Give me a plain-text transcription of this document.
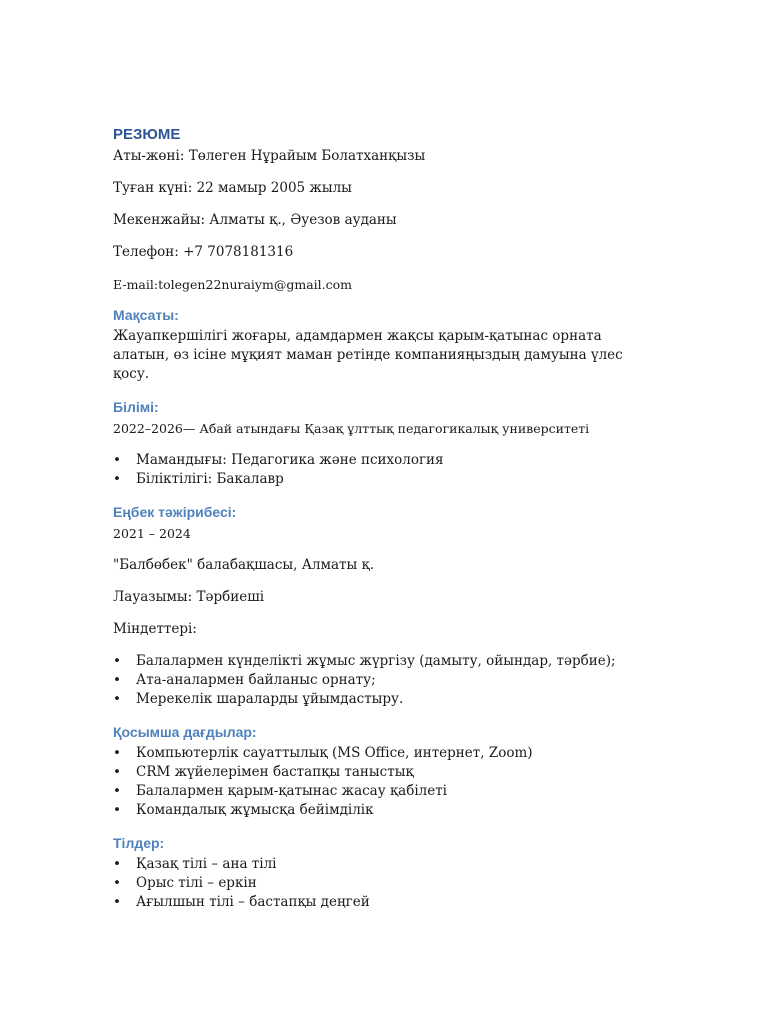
РЕЗЮМЕ

Аты-жөні: Төлеген Нұрайым Болатханқызы

Туған күні: 22 мамыр 2005 жылы

Мекенжайы: Алматы қ., Әуезов ауданы

Телефон: +7 7078181316

E-mail:tolegen22nuraiym@gmail.com

Мақсаты:

Жауапкершілігі жоғары, адамдармен жақсы қарым-қатынас орната алатын, өз ісіне мұқият маман ретінде компанияңыздың дамуына үлес қосу.

Білімі:

2022–2026— Абай атындағы Қазақ ұлттық педагогикалық университеті

• Мамандығы: Педагогика және психология
• Біліктілігі: Бакалавр
Еңбек тәжірибесі:

2021 – 2024

"Балбөбек" балабақшасы, Алматы қ.

Лауазымы: Тәрбиеші

Міндеттері:

• Балалармен күнделікті жұмыс жүргізу (дамыту, ойындар, тәрбие);
• Ата-аналармен байланыс орнату;
• Мерекелік шараларды ұйымдастыру.
Қосымша дағдылар:
• Компьютерлік сауаттылық (MS Office, интернет, Zoom)
• CRM жүйелерімен бастапқы таныстық
• Балалармен қарым-қатынас жасау қабілеті
• Командалық жұмысқа бейімділік
Тілдер:
• Қазақ тілі – ана тілі
• Орыс тілі – еркін
• Ағылшын тілі – бастапқы деңгей
